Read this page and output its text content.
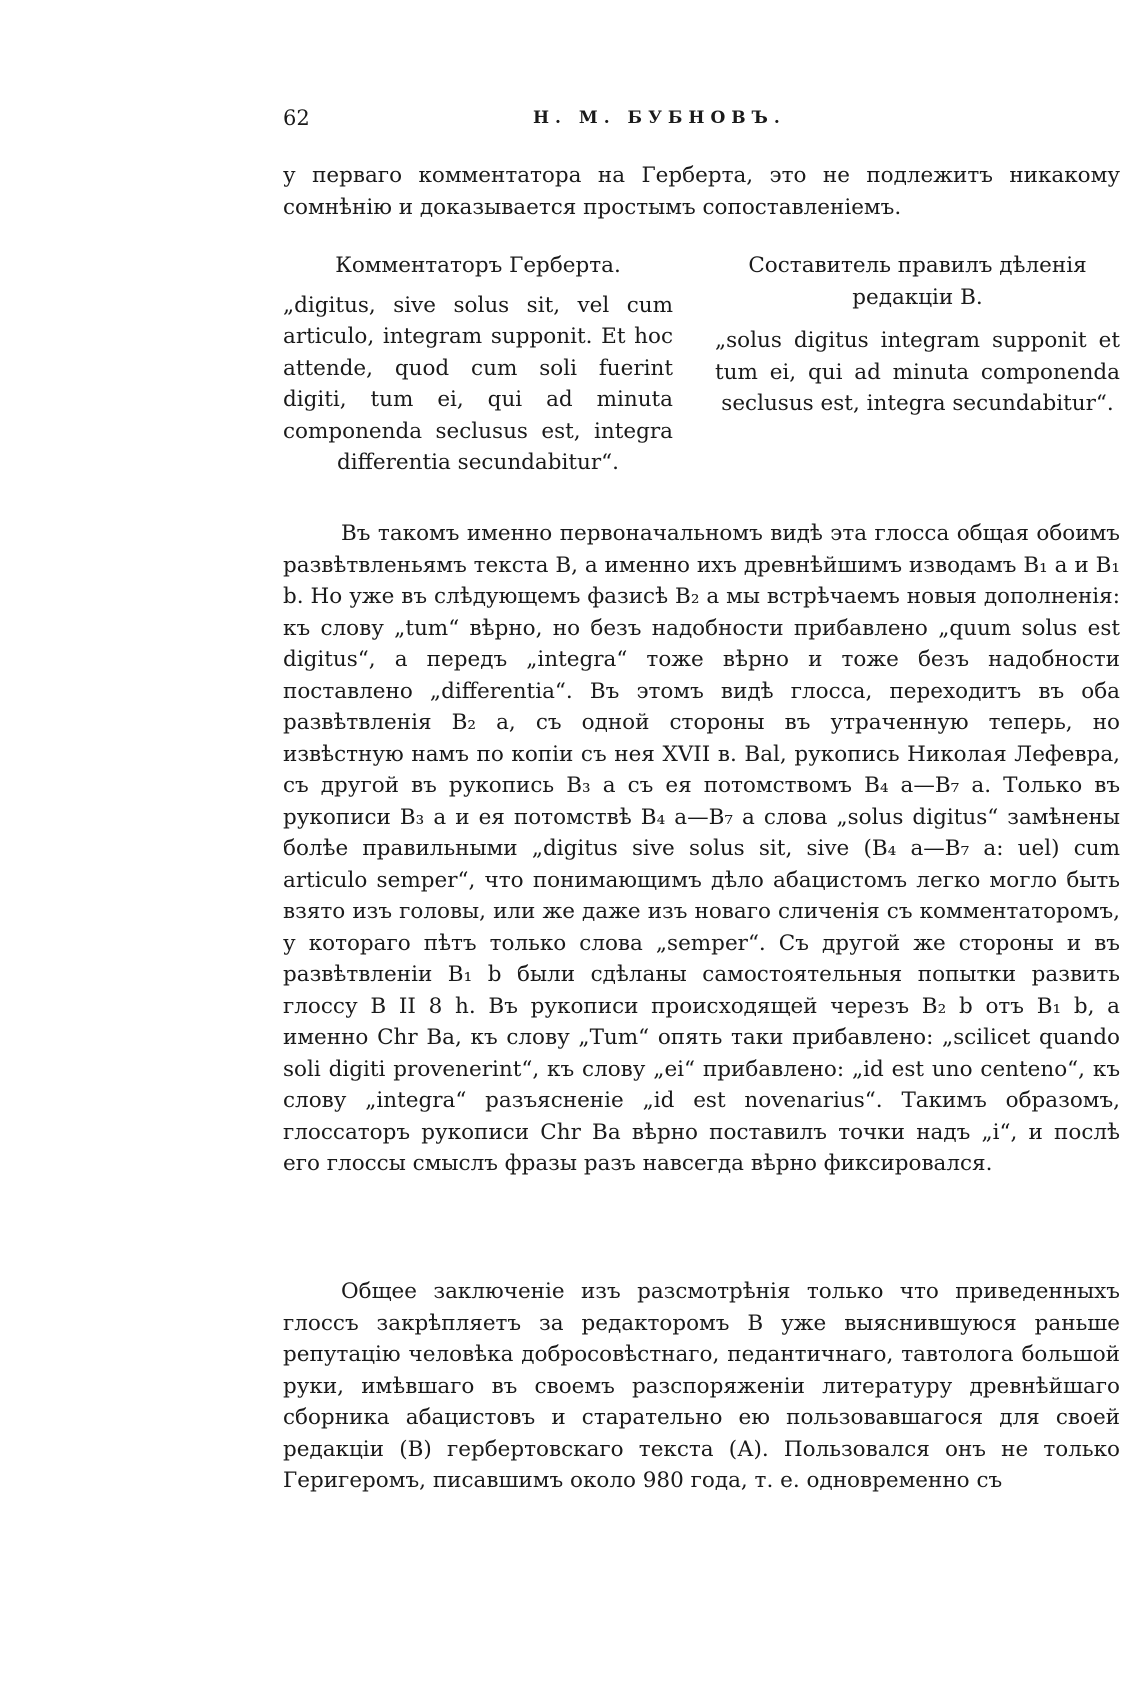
62	Н. М. БУБНОВЪ.

у перваго комментатора на Герберта, это не подлежитъ никакому сомнѣнію и доказывается простымъ сопоставленіемъ.

Комментаторъ Герберта.

„digitus, sive solus sit, vel cum articulo, integram supponit. Et hoc attende, quod cum soli fuerint digiti, tum ei, qui ad minuta componenda seclusus est, integra differentia secundabitur“.

Составитель правилъ дѣленія редакціи В.

„solus digitus integram supponit et tum ei, qui ad minuta componenda seclusus est, integra secundabitur“.

Въ такомъ именно первоначальномъ видѣ эта глосса общая обоимъ развѣтвленьямъ текста В, а именно ихъ древнѣйшимъ изводамъ B₁ a и B₁ b. Но уже въ слѣдующемъ фазисѣ B₂ a мы встрѣчаемъ новыя дополненія: къ слову „tum“ вѣрно, но безъ надобности прибавлено „quum solus est digitus“, а передъ „integra“ тоже вѣрно и тоже безъ надобности поставлено „differentia“. Въ этомъ видѣ глосса, переходитъ въ оба развѣтвленія B₂ a, съ одной стороны въ утраченную теперь, но извѣстную намъ по копіи съ нея XVII в. Bal, рукопись Николая Лефевра, съ другой въ рукопись B₃ a съ ея потомствомъ B₄ a—B₇ a. Только въ рукописи B₃ a и ея потомствѣ B₄ a—B₇ a слова „solus digitus“ замѣнены болѣе правильными „digitus sive solus sit, sive (B₄ a—B₇ a: uel) cum articulo semper“, что понимающимъ дѣло абацистомъ легко могло быть взято изъ головы, или же даже изъ новаго сличенія съ комментаторомъ, у котораго пѣтъ только слова „semper“. Съ другой же стороны и въ развѣтвленіи B₁ b были сдѣланы самостоятельныя попытки развить глоссу В II 8 h. Въ рукописи происходящей черезъ B₂ b отъ B₁ b, а именно Chr Ba, къ слову „Tum“ опять таки прибавлено: „scilicet quando soli digiti provenerint“, къ слову „ei“ прибавлено: „id est uno centeno“, къ слову „integra“ разъясненіе „id est novenarius“. Такимъ образомъ, глоссаторъ рукописи Chr Ba вѣрно поставилъ точки надъ „i“, и послѣ его глоссы смыслъ фразы разъ навсегда вѣрно фиксировался.

Общее заключеніе изъ разсмотрѣнія только что приведенныхъ глоссъ закрѣпляетъ за редакторомъ В уже выяснившуюся раньше репутацію человѣка добросовѣстнаго, педантичнаго, тавтолога большой руки, имѣвшаго въ своемъ разспоряженіи литературу древнѣйшаго сборника абацистовъ и старательно ею пользовавшагося для своей редакціи (В) гербертовскаго текста (А). Пользовался онъ не только Геригеромъ, писавшимъ около 980 года, т. е. одновременно съ
